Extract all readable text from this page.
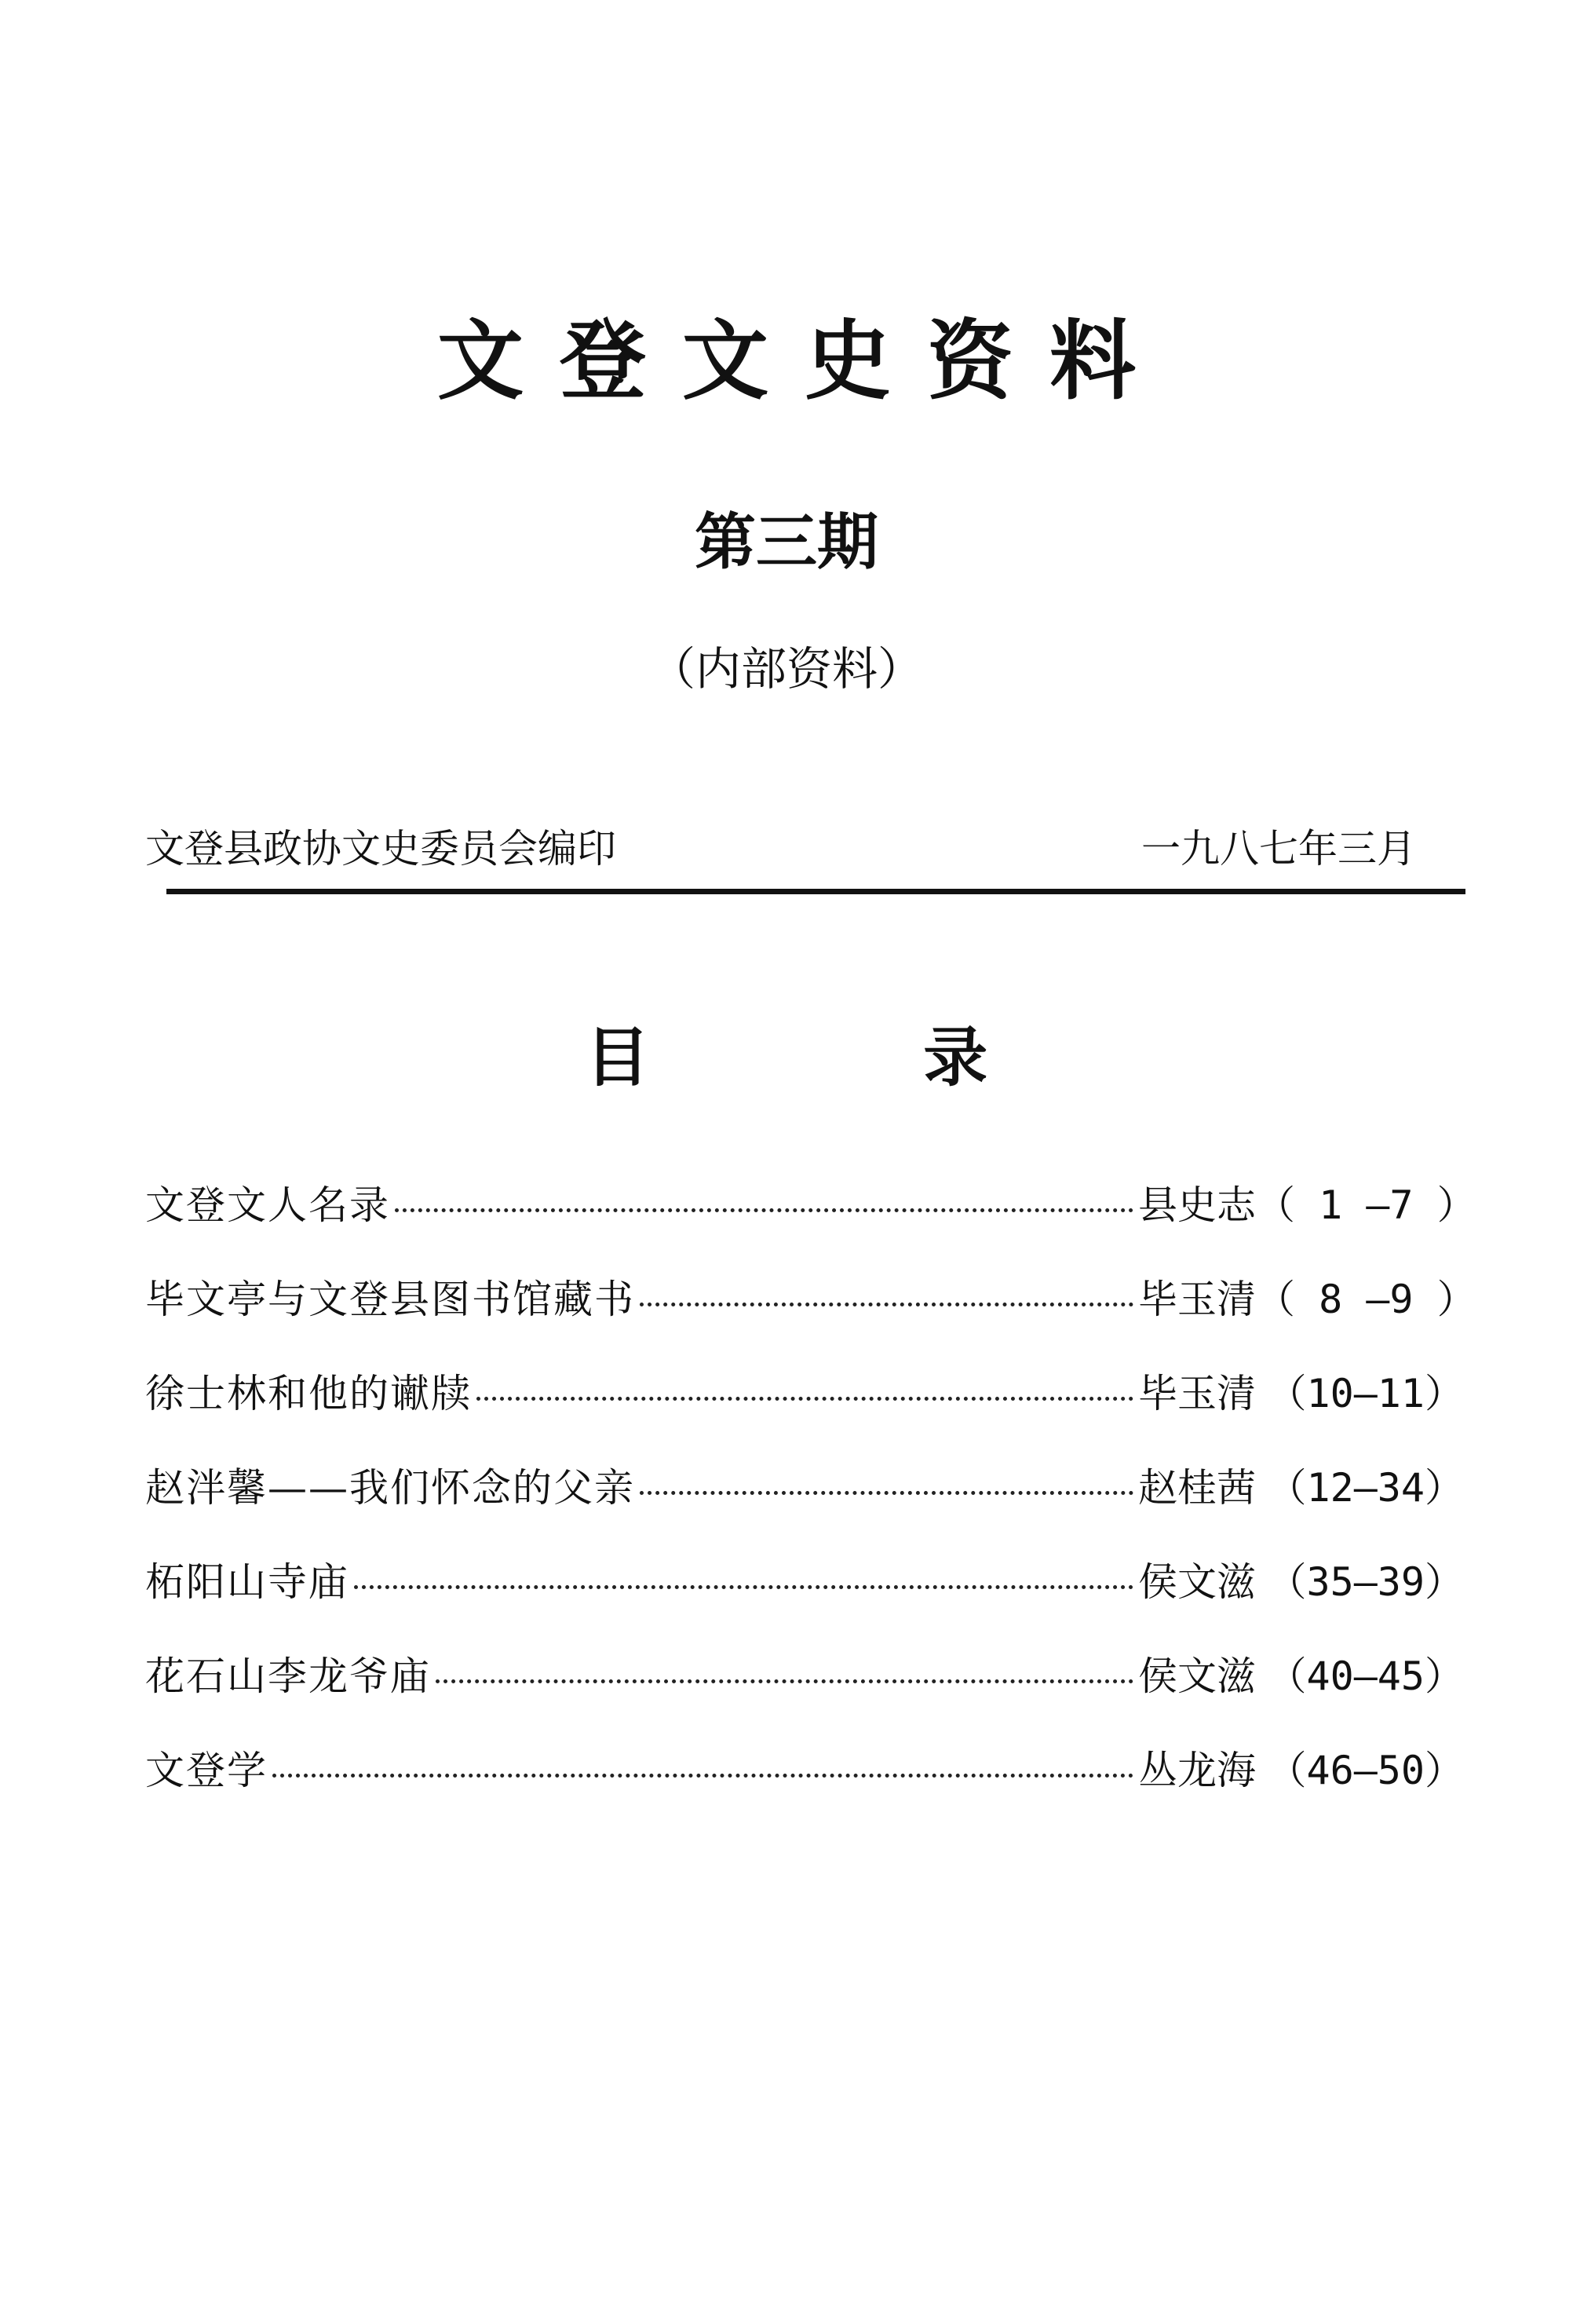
文登文史资料
第三期
（内部资料）
文登县政协文史委员会编印	一九八七年三月
目 录
文登文人名录	县史志 （ 1 —7 ）
毕文亭与文登县图书馆藏书	毕玉清 （ 8 —9 ）
徐士林和他的谳牍	毕玉清 （10—11）
赵泮馨——我们怀念的父亲	赵桂茜 （12—34）
柘阳山寺庙	侯文滋 （35—39）
花石山李龙爷庙	侯文滋 （40—45）
文登学	丛龙海 （46—50）
